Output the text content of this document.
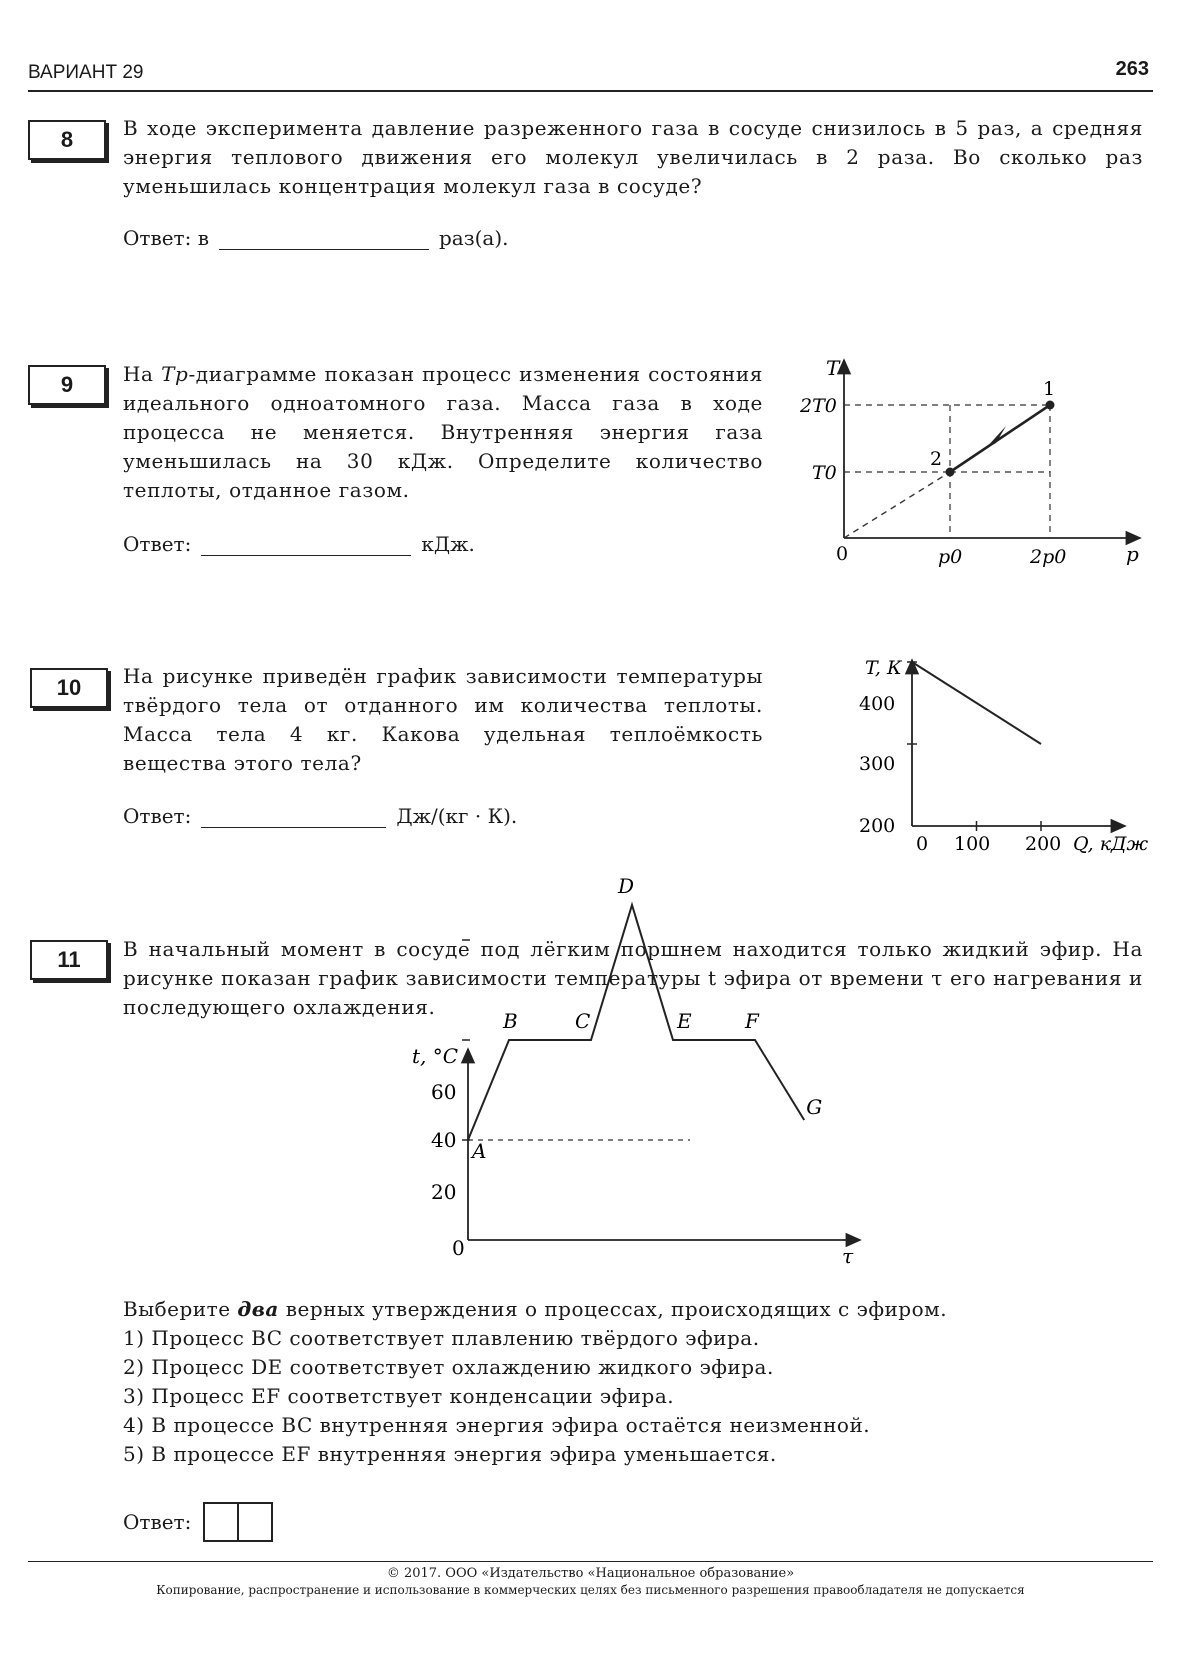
ВАРИАНТ 29	263
8	В ходе эксперимента давление разреженного газа в сосуде снизилось в 5 раз, а средняя энергия теплового движения его молекул увеличилась в 2 раза. Во сколько раз уменьшилась концентрация молекул газа в сосуде?
Ответ: в	раз(а).
9	На Tp-диаграмме показан процесс изменения состояния идеального одноатомного газа. Масса газа в ходе процесса не меняется. Внутренняя энергия газа уменьшилась на 30 кДж. Определите количество теплоты, отданное газом.
Ответ:	кДж.
1
2
T
p
0	p0	2p0
T0
2T0
10	На рисунке приведён график зависимости температуры твёрдого тела от отданного им количества теплоты. Масса тела 4 кг. Какова удельная теплоёмкость вещества этого тела?
Ответ:	Дж/(кг · К).
T, К
Q, кДж
400
300
200
0 100 200
11	В начальный момент в сосуде под лёгким поршнем находится только жидкий эфир. На рисунке показан график зависимости температуры t эфира от времени τ его нагревания и последующего охлаждения.
A
B	C
D
E	F
G
t, °C
τ
0
20
40
60
Выберите два верных утверждения о процессах, происходящих с эфиром.
1) Процесс BC соответствует плавлению твёрдого эфира.
2) Процесс DE соответствует охлаждению жидкого эфира.
3) Процесс EF соответствует конденсации эфира.
4) В процессе BC внутренняя энергия эфира остаётся неизменной.
5) В процессе EF внутренняя энергия эфира уменьшается.
Ответ:
© 2017. ООО «Издательство «Национальное образование»
Копирование, распространение и использование в коммерческих целях без письменного разрешения правообладателя не допускается
